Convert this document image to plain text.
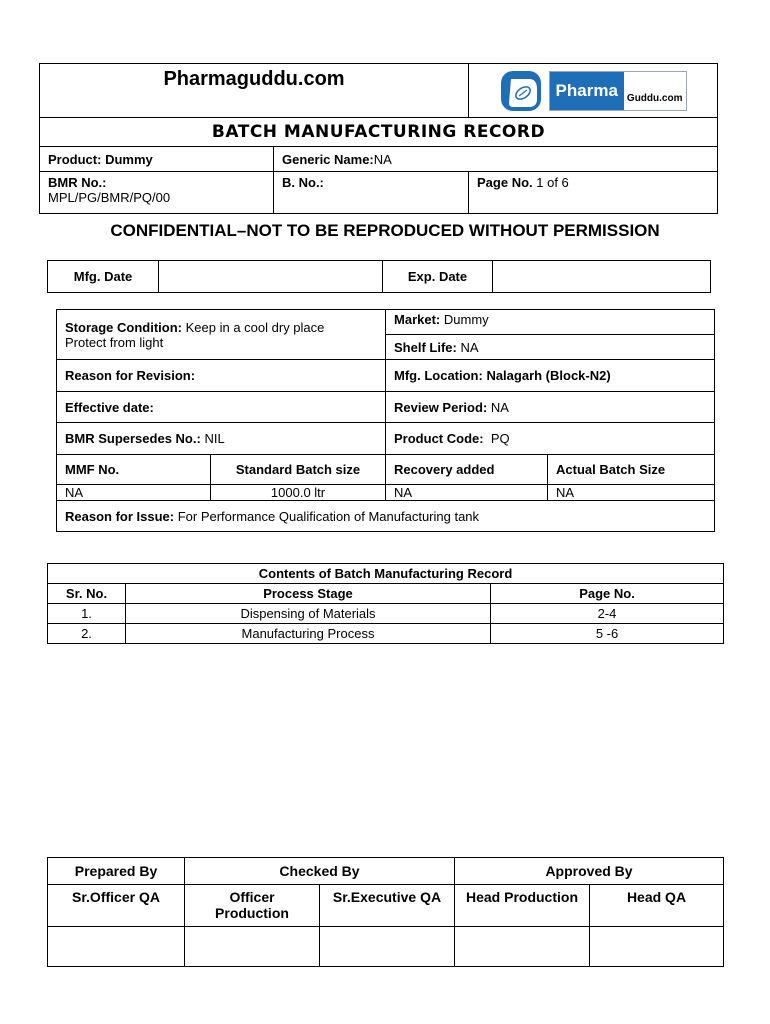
Pharmaguddu.com		Pharma Guddu.com

BATCH MANUFACTURING RECORD		
Product: Dummy	Generic Name:NA	

BMR No.:
MPL/PG/BMR/PQ/00	B. No.:	Page No. 1 of 6
CONFIDENTIAL–NOT TO BE REPRODUCED WITHOUT PERMISSION
Mfg. Date		Exp. Date	
Storage Condition: Keep in a cool dry place
Protect from light		Market: Dummy	
		Shelf Life: NA	
Reason for Revision:		Mfg. Location: Nalagarh (Block-N2)	
Effective date:		Review Period: NA	
BMR Supersedes No.: NIL		Product Code: PQ	
MMF No.	Standard Batch size	Recovery added	Actual Batch Size
NA	1000.0 ltr	NA	NA
Reason for Issue: For Performance Qualification of Manufacturing tank			
Contents of Batch Manufacturing Record		
Sr. No.	Process Stage	Page No.
1.	Dispensing of Materials	2-4
2.	Manufacturing Process	5 -6
Prepared By	Checked By		Approved By	
Sr.Officer QA	Officer Production	Sr.Executive QA	Head Production	Head QA
